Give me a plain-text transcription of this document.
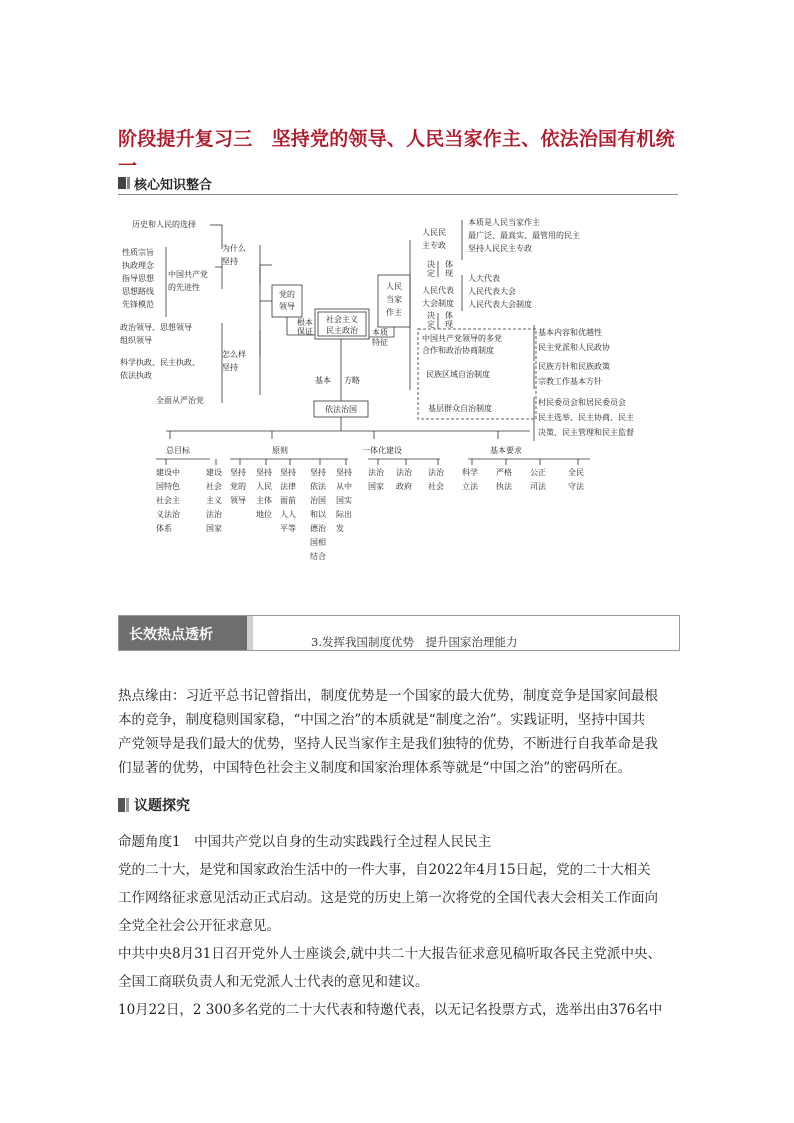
阶段提升复习三　坚持党的领导、人民当家作主、依法治国有机统一
核心知识整合
社会主义
民主政治
党的
领导
根本
保证
人民
当家
作主
本质
特征
依法治国
基本 方略
为什么
坚持
怎么样
坚持
历史和人民的选择
性质宗旨
执政理念
指导思想
思想路线
先锋模范
中国共产党
的先进性
政治领导、思想领导
组织领导
科学执政、民主执政、
依法执政
全面从严治党
人民民
主专政
本质是人民当家作主
最广泛、最真实、最管用的民主
坚持人民民主专政
决
定
体
现
人民代表
大会制度
人大代表
人民代表大会
人民代表大会制度
决
定
体
现
中国共产党领导的多党
合作和政治协商制度
民族区域自治制度
基层群众自治制度
基本内容和优越性
民主党派和人民政协
民族方针和民族政策
宗教工作基本方针
村民委员会和居民委员会
民主选举、民主协商、民主
决策、民主管理和民主监督
总目标	原则	一体化建设	基本要求
建设中
国特色
社会主
义法治
体系
建设
社会
主义
法治
国家
坚持
党的
领导
坚持
人民
主体
地位
坚持
法律
面前
人人
平等
坚持
依法
治国
和以
德治
国相
结合
坚持
从中
国实
际出
发
法治
国家
法治
政府
法治
社会
科学
立法
严格
执法
公正
司法
全民
守法
长效热点透析	3.发挥我国制度优势　提升国家治理能力
热点缘由：习近平总书记曾指出，制度优势是一个国家的最大优势，制度竞争是国家间最根
本的竞争，制度稳则国家稳，“中国之治”的本质就是“制度之治”。实践证明，坚持中国共
产党领导是我们最大的优势，坚持人民当家作主是我们独特的优势，不断进行自我革命是我
们显著的优势，中国特色社会主义制度和国家治理体系等就是“中国之治”的密码所在。
议题探究
命题角度1　中国共产党以自身的生动实践践行全过程人民民主
党的二十大，是党和国家政治生活中的一件大事，自2022年4月15日起，党的二十大相关
工作网络征求意见活动正式启动。这是党的历史上第一次将党的全国代表大会相关工作面向
全党全社会公开征求意见。
中共中央8月31日召开党外人士座谈会,就中共二十大报告征求意见稿听取各民主党派中央、
全国工商联负责人和无党派人士代表的意见和建议。
10月22日，2 300多名党的二十大代表和特邀代表，以无记名投票方式，选举出由376名中
